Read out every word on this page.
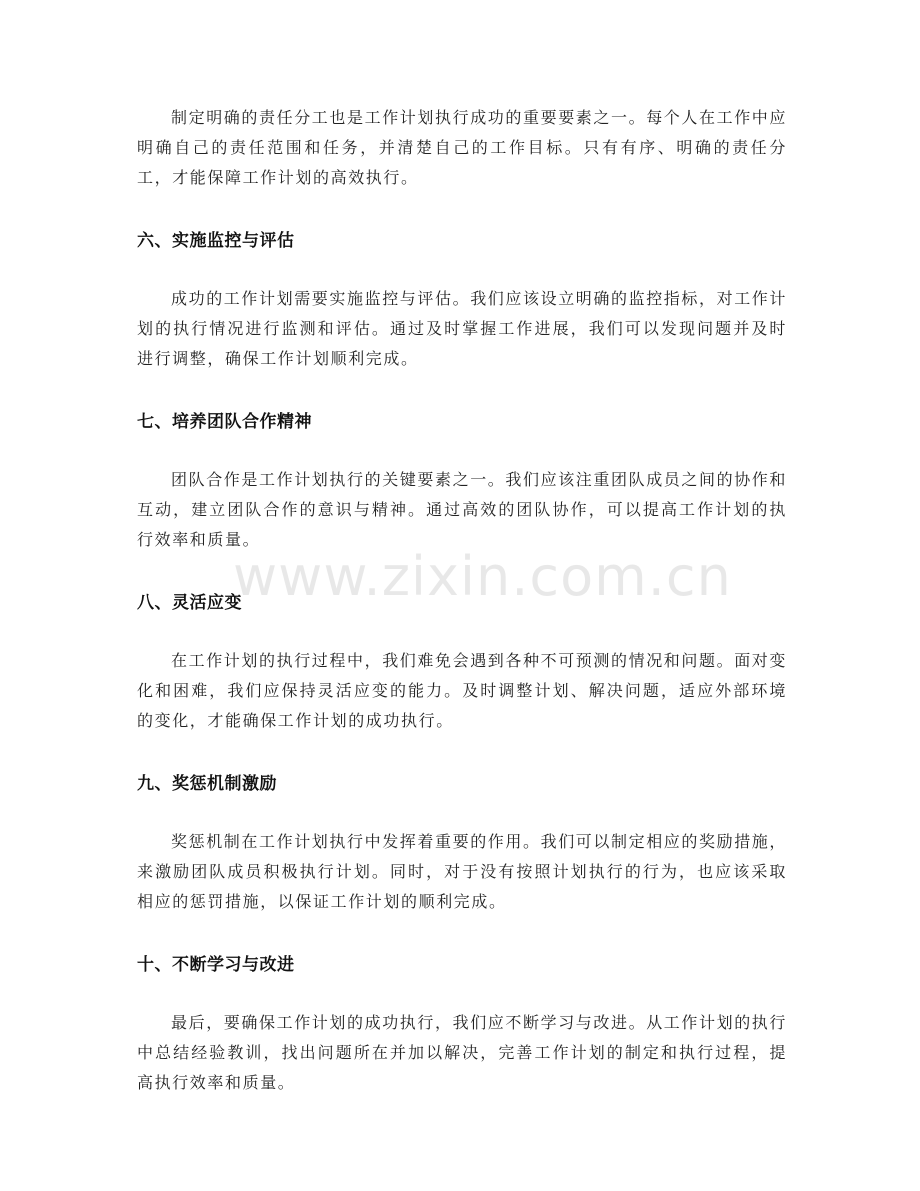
制定明确的责任分工也是工作计划执行成功的重要要素之一。每个人在工作中应明确自己的责任范围和任务，并清楚自己的工作目标。只有有序、明确的责任分工，才能保障工作计划的高效执行。

六、实施监控与评估

成功的工作计划需要实施监控与评估。我们应该设立明确的监控指标，对工作计划的执行情况进行监测和评估。通过及时掌握工作进展，我们可以发现问题并及时进行调整，确保工作计划顺利完成。

七、培养团队合作精神

团队合作是工作计划执行的关键要素之一。我们应该注重团队成员之间的协作和互动，建立团队合作的意识与精神。通过高效的团队协作，可以提高工作计划的执行效率和质量。

八、灵活应变

在工作计划的执行过程中，我们难免会遇到各种不可预测的情况和问题。面对变化和困难，我们应保持灵活应变的能力。及时调整计划、解决问题，适应外部环境的变化，才能确保工作计划的成功执行。

九、奖惩机制激励

奖惩机制在工作计划执行中发挥着重要的作用。我们可以制定相应的奖励措施，来激励团队成员积极执行计划。同时，对于没有按照计划执行的行为，也应该采取相应的惩罚措施，以保证工作计划的顺利完成。

十、不断学习与改进

最后，要确保工作计划的成功执行，我们应不断学习与改进。从工作计划的执行中总结经验教训，找出问题所在并加以解决，完善工作计划的制定和执行过程，提高执行效率和质量。

www.zixin.com.cn
